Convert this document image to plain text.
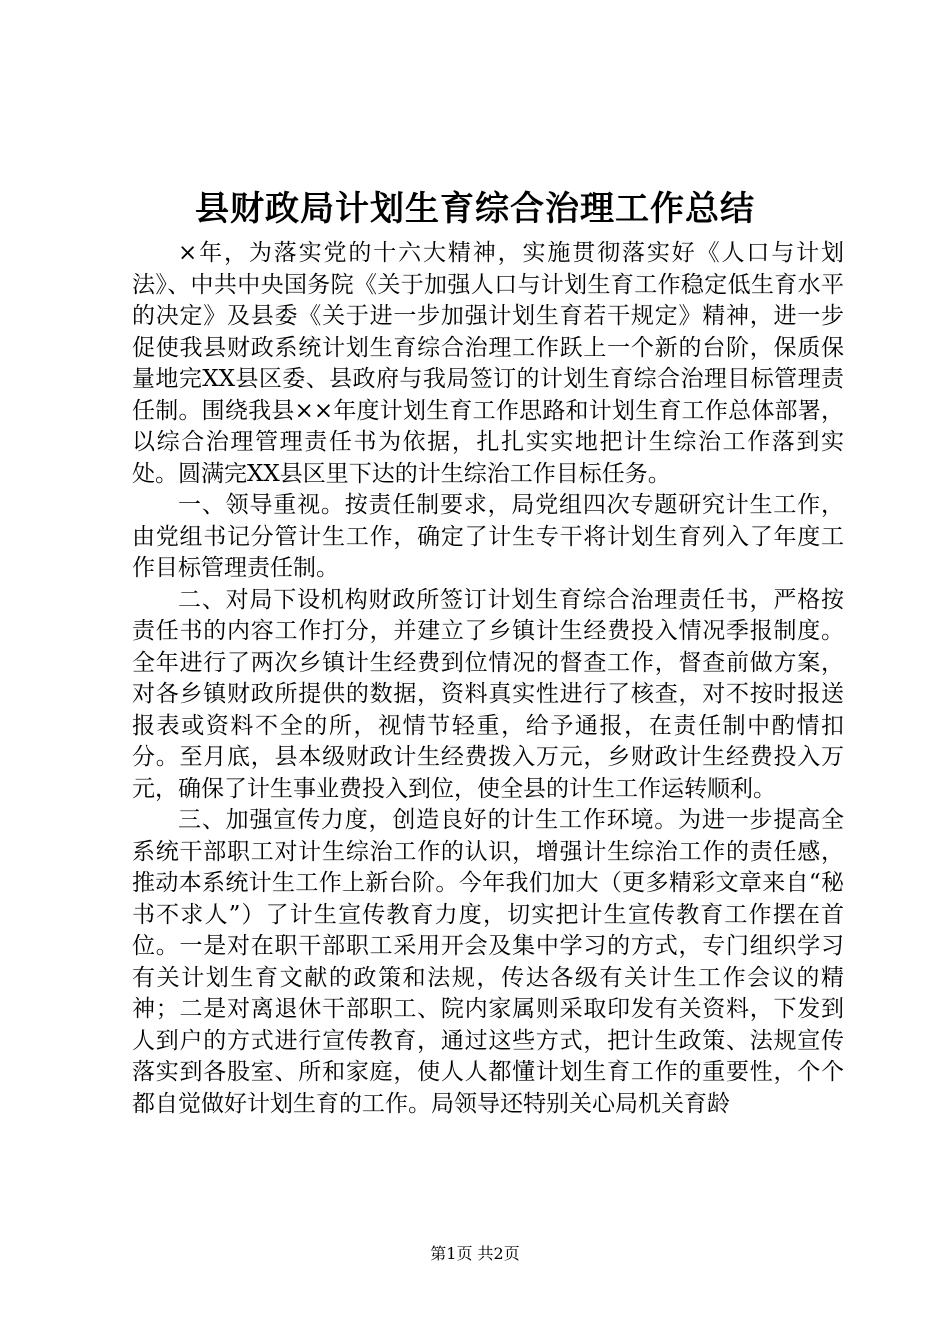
县财政局计划生育综合治理工作总结

×年，为落实党的十六大精神，实施贯彻落实好《人口与计划法》、中共中央国务院《关于加强人口与计划生育工作稳定低生育水平的决定》及县委《关于进一步加强计划生育若干规定》精神，进一步促使我县财政系统计划生育综合治理工作跃上一个新的台阶，保质保量地完XX县区委、县政府与我局签订的计划生育综合治理目标管理责任制。围绕我县××年度计划生育工作思路和计划生育工作总体部署，以综合治理管理责任书为依据，扎扎实实地把计生综治工作落到实处。圆满完XX县区里下达的计生综治工作目标任务。

一、领导重视。按责任制要求，局党组四次专题研究计生工作，由党组书记分管计生工作，确定了计生专干将计划生育列入了年度工作目标管理责任制。

二、对局下设机构财政所签订计划生育综合治理责任书，严格按责任书的内容工作打分，并建立了乡镇计生经费投入情况季报制度。全年进行了两次乡镇计生经费到位情况的督查工作，督查前做方案，对各乡镇财政所提供的数据，资料真实性进行了核查，对不按时报送报表或资料不全的所，视情节轻重，给予通报，在责任制中酌情扣分。至月底，县本级财政计生经费拨入万元，乡财政计生经费投入万元，确保了计生事业费投入到位，使全县的计生工作运转顺利。

三、加强宣传力度，创造良好的计生工作环境。为进一步提高全系统干部职工对计生综治工作的认识，增强计生综治工作的责任感，推动本系统计生工作上新台阶。今年我们加大（更多精彩文章来自“秘书不求人”）了计生宣传教育力度，切实把计生宣传教育工作摆在首位。一是对在职干部职工采用开会及集中学习的方式，专门组织学习有关计划生育文献的政策和法规，传达各级有关计生工作会议的精神；二是对离退休干部职工、院内家属则采取印发有关资料，下发到人到户的方式进行宣传教育，通过这些方式，把计生政策、法规宣传落实到各股室、所和家庭，使人人都懂计划生育工作的重要性，个个都自觉做好计划生育的工作。局领导还特别关心局机关育龄

第1页 共2页
